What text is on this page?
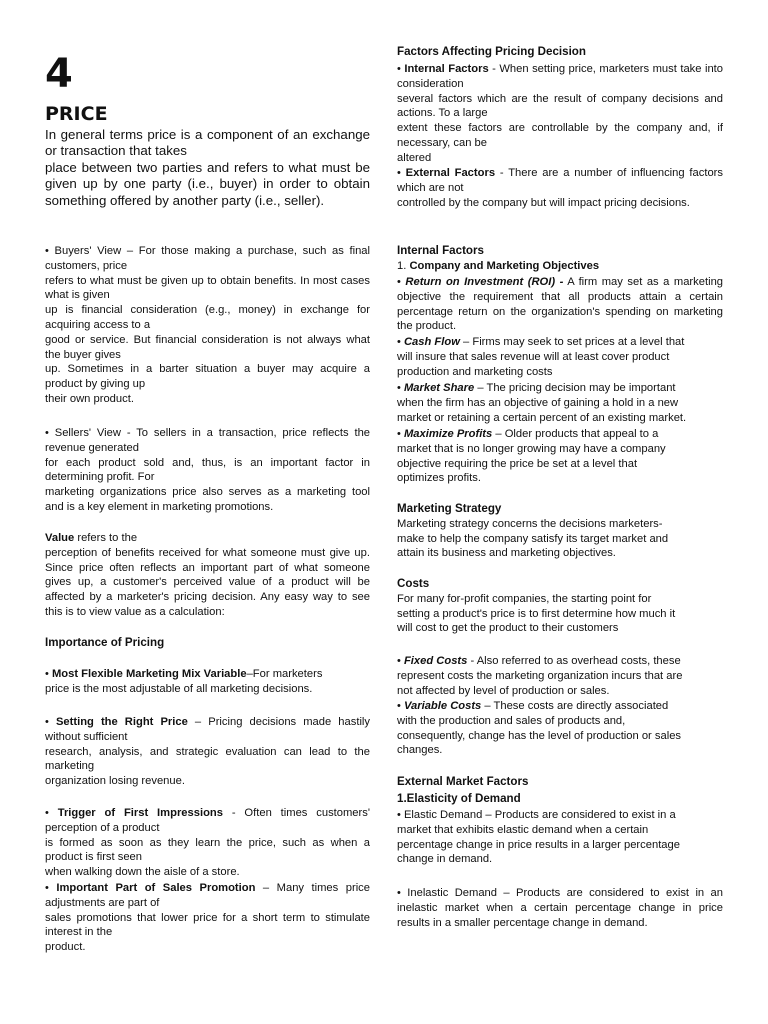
4
PRICE
In general terms price is a component of an exchange or transaction that takes
place between two parties and refers to what must be given up by one party (i.e., buyer) in order to obtain something offered by another party (i.e., seller).
• Buyers' View – For those making a purchase, such as final customers, price
refers to what must be given up to obtain benefits. In most cases what is given
up is financial consideration (e.g., money) in exchange for acquiring access to a
good or service. But financial consideration is not always what the buyer gives
up. Sometimes in a barter situation a buyer may acquire a product by giving up
their own product.
• Sellers' View - To sellers in a transaction, price reflects the revenue generated
for each product sold and, thus, is an important factor in determining profit. For
marketing organizations price also serves as a marketing tool and is a key element in marketing promotions.
Value refers to the
perception of benefits received for what someone must give up. Since price often reflects an important part of what someone gives up, a customer's perceived value of a product will be affected by a marketer's pricing decision. Any easy way to see this is to view value as a calculation:
Importance of Pricing
• Most Flexible Marketing Mix Variable–For marketers
price is the most adjustable of all marketing decisions.
• Setting the Right Price – Pricing decisions made hastily without sufficient
research, analysis, and strategic evaluation can lead to the marketing
organization losing revenue.
• Trigger of First Impressions - Often times customers' perception of a product
is formed as soon as they learn the price, such as when a product is first seen
when walking down the aisle of a store.
• Important Part of Sales Promotion – Many times price adjustments are part of
sales promotions that lower price for a short term to stimulate interest in the
product.
Factors Affecting Pricing Decision
• Internal Factors - When setting price, marketers must take into consideration
several factors which are the result of company decisions and actions. To a large
extent these factors are controllable by the company and, if necessary, can be
altered
• External Factors - There are a number of influencing factors which are not
controlled by the company but will impact pricing decisions.
Internal Factors
1. Company and Marketing Objectives
• Return on Investment (ROI) - A firm may set as a marketing objective the requirement that all products attain a certain percentage return on the organization's spending on marketing the product.
• Cash Flow – Firms may seek to set prices at a level that
will insure that sales revenue will at least cover product
production and marketing costs
• Market Share – The pricing decision may be important
when the firm has an objective of gaining a hold in a new
market or retaining a certain percent of an existing market.
• Maximize Profits – Older products that appeal to a
market that is no longer growing may have a company
objective requiring the price be set at a level that
optimizes profits.
Marketing Strategy
Marketing strategy concerns the decisions marketers-
make to help the company satisfy its target market and
attain its business and marketing objectives.
Costs
For many for-profit companies, the starting point for
setting a product's price is to first determine how much it
will cost to get the product to their customers
• Fixed Costs - Also referred to as overhead costs, these
represent costs the marketing organization incurs that are
not affected by level of production or sales.
• Variable Costs – These costs are directly associated
with the production and sales of products and,
consequently, change has the level of production or sales
changes.
External Market Factors
1.Elasticity of Demand
• Elastic Demand – Products are considered to exist in a
market that exhibits elastic demand when a certain
percentage change in price results in a larger percentage
change in demand.
• Inelastic Demand – Products are considered to exist in an inelastic market when a certain percentage change in price results in a smaller percentage change in demand.
